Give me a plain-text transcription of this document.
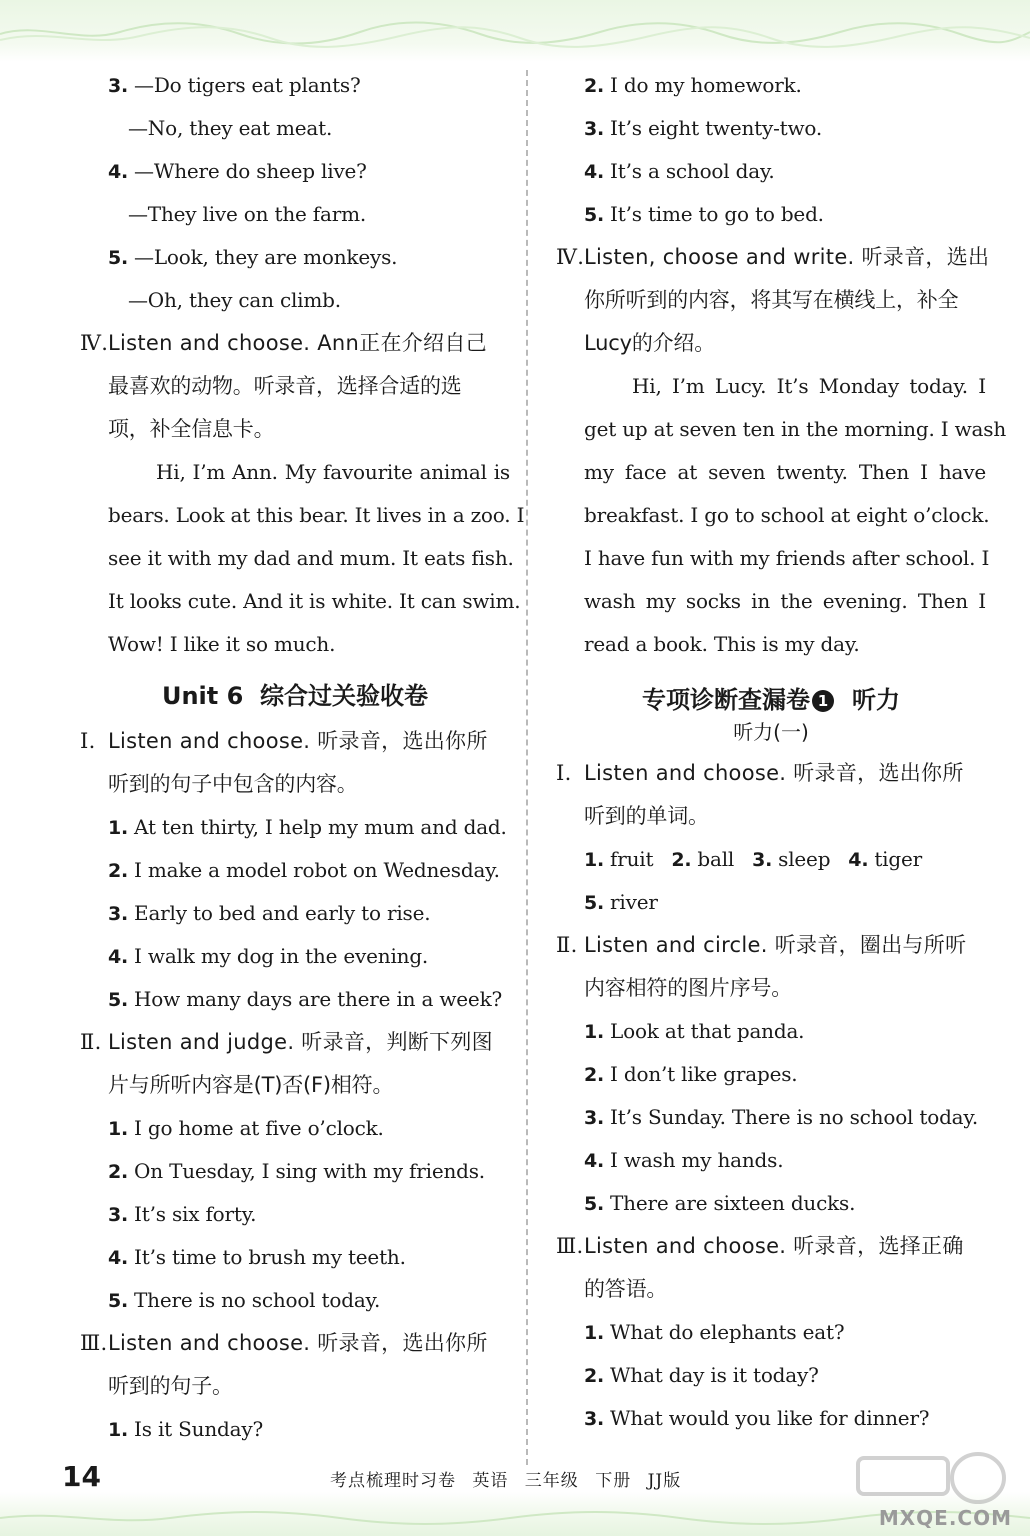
3. —Do tigers eat plants?
—No, they eat meat.
4. —Where do sheep live?
—They live on the farm.
5. —Look, they are monkeys.
—Oh, they can climb.
Ⅳ.Listen and choose. Ann正在介绍自己
最喜欢的动物。听录音，选择合适的选
项，补全信息卡。
Hi, I’m Ann. My favourite animal is
bears. Look at this bear. It lives in a zoo. I
see it with my dad and mum. It eats fish.
It looks cute. And it is white. It can swim.
Wow! I like it so much.
Unit 6  综合过关验收卷
Ⅰ. Listen and choose. 听录音，选出你所
听到的句子中包含的内容。
1. At ten thirty, I help my mum and dad.
2. I make a model robot on Wednesday.
3. Early to bed and early to rise.
4. I walk my dog in the evening.
5. How many days are there in a week?
Ⅱ. Listen and judge. 听录音，判断下列图
片与所听内容是(T)否(F)相符。
1. I go home at five o’clock.
2. On Tuesday, I sing with my friends.
3. It’s six forty.
4. It’s time to brush my teeth.
5. There is no school today.
Ⅲ.Listen and choose. 听录音，选出你所
听到的句子。
1. Is it Sunday?
2. I do my homework.
3. It’s eight twenty-two.
4. It’s a school day.
5. It’s time to go to bed.
Ⅳ.Listen, choose and write. 听录音，选出
你所听到的内容，将其写在横线上，补全
Lucy的介绍。
Hi, I’m Lucy. It’s Monday today. I
get up at seven ten in the morning. I wash
my face at seven twenty. Then I have
breakfast. I go to school at eight o’clock.
I have fun with my friends after school. I
wash my socks in the evening. Then I
read a book. This is my day.
专项诊断查漏卷 1 听力
听力(一)
Ⅰ. Listen and choose. 听录音，选出你所
听到的单词。
1. fruit 2. ball 3. sleep 4. tiger
5. river
Ⅱ. Listen and circle. 听录音，圈出与所听
内容相符的图片序号。
1. Look at that panda.
2. I don’t like grapes.
3. It’s Sunday. There is no school today.
4. I wash my hands.
5. There are sixteen ducks.
Ⅲ.Listen and choose. 听录音，选择正确
的答语。
1. What do elephants eat?
2. What day is it today?
3. What would you like for dinner?
14	考点梳理时习卷 英语 三年级 下册 JJ版
MXQE.COM
